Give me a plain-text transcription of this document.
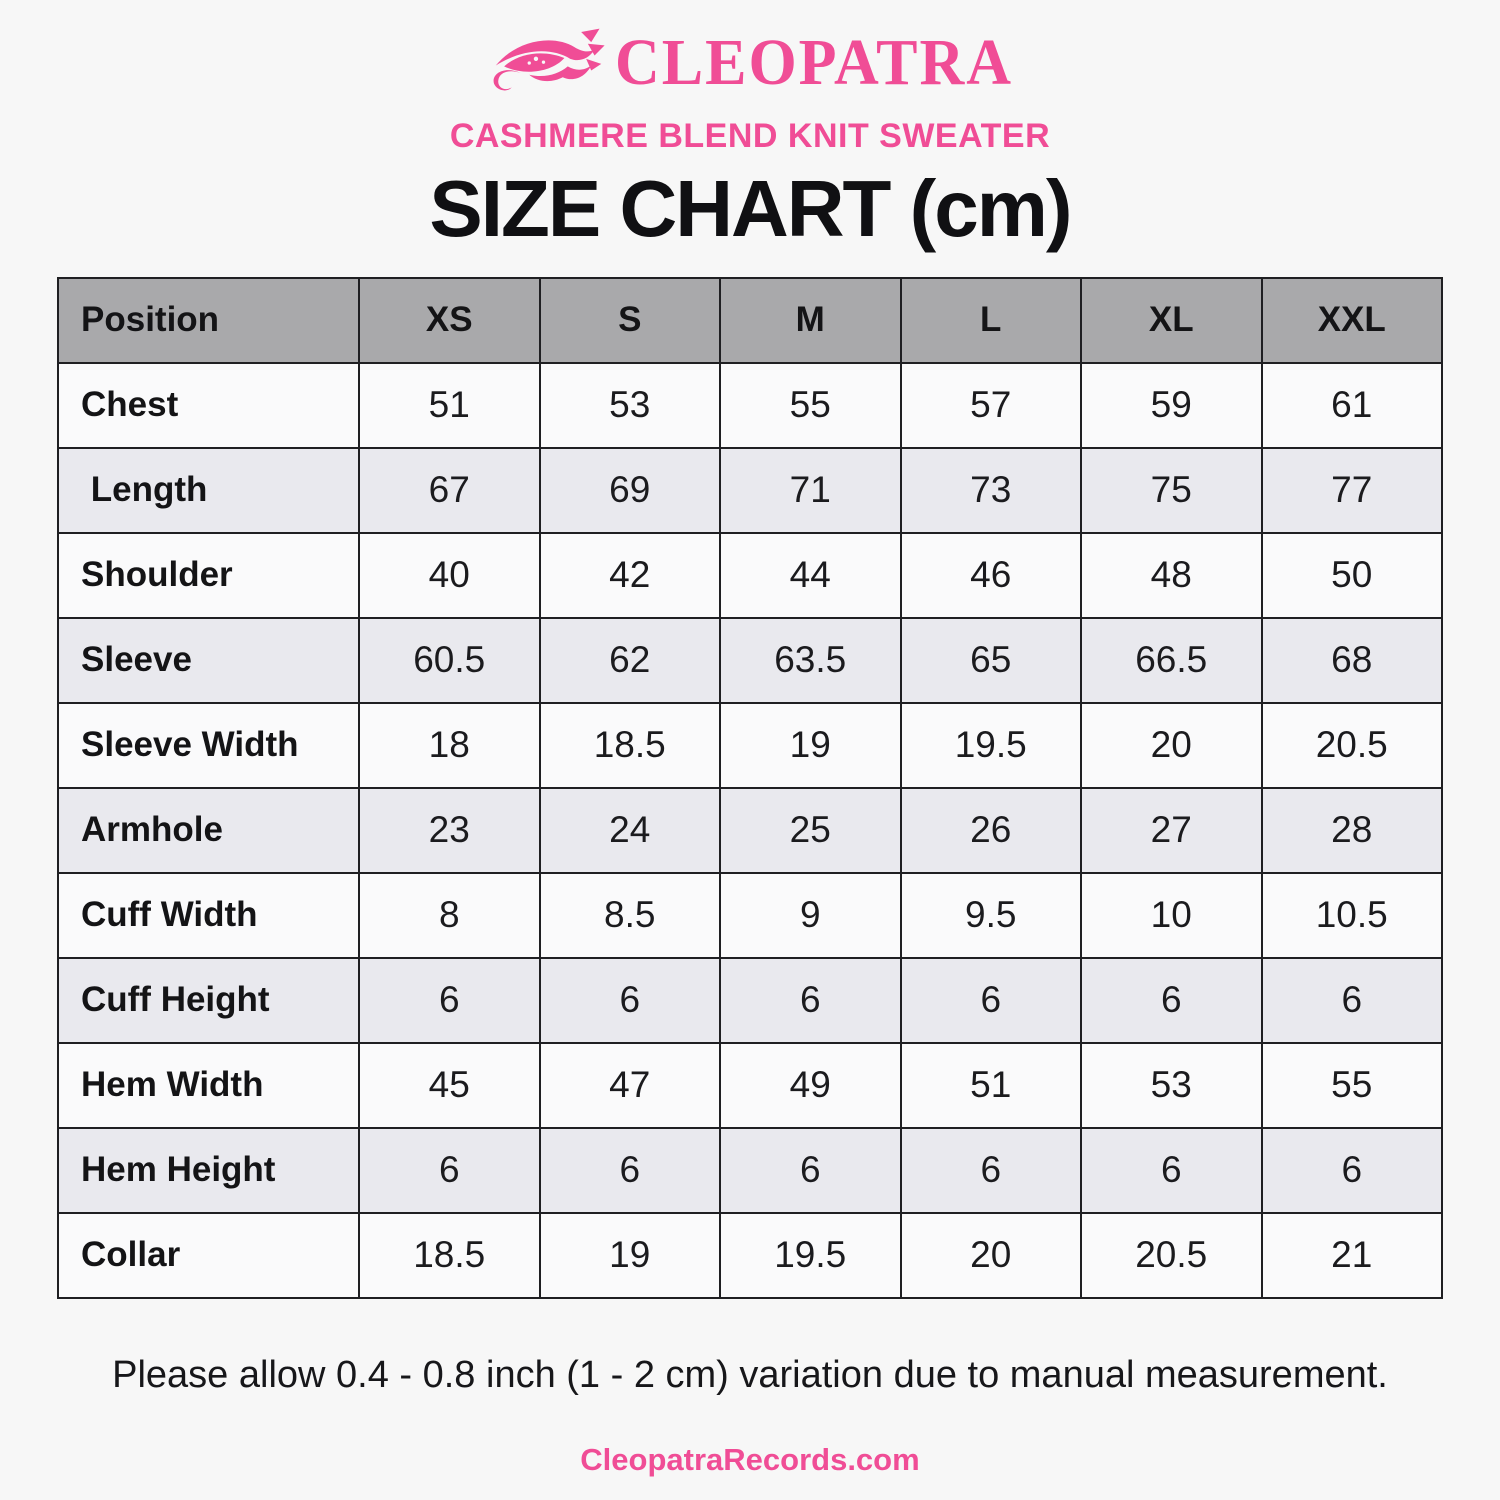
CLEOPATRA
CASHMERE BLEND KNIT SWEATER
SIZE CHART (cm)
Position	XS	S	M	L	XL	XXL
Chest	51	53	55	57	59	61
Length	67	69	71	73	75	77
Shoulder	40	42	44	46	48	50
Sleeve	60.5	62	63.5	65	66.5	68
Sleeve Width	18	18.5	19	19.5	20	20.5
Armhole	23	24	25	26	27	28
Cuff Width	8	8.5	9	9.5	10	10.5
Cuff Height	6	6	6	6	6	6
Hem Width	45	47	49	51	53	55
Hem Height	6	6	6	6	6	6
Collar	18.5	19	19.5	20	20.5	21
Please allow 0.4 - 0.8 inch (1 - 2 cm) variation due to manual measurement.
CleopatraRecords.com
